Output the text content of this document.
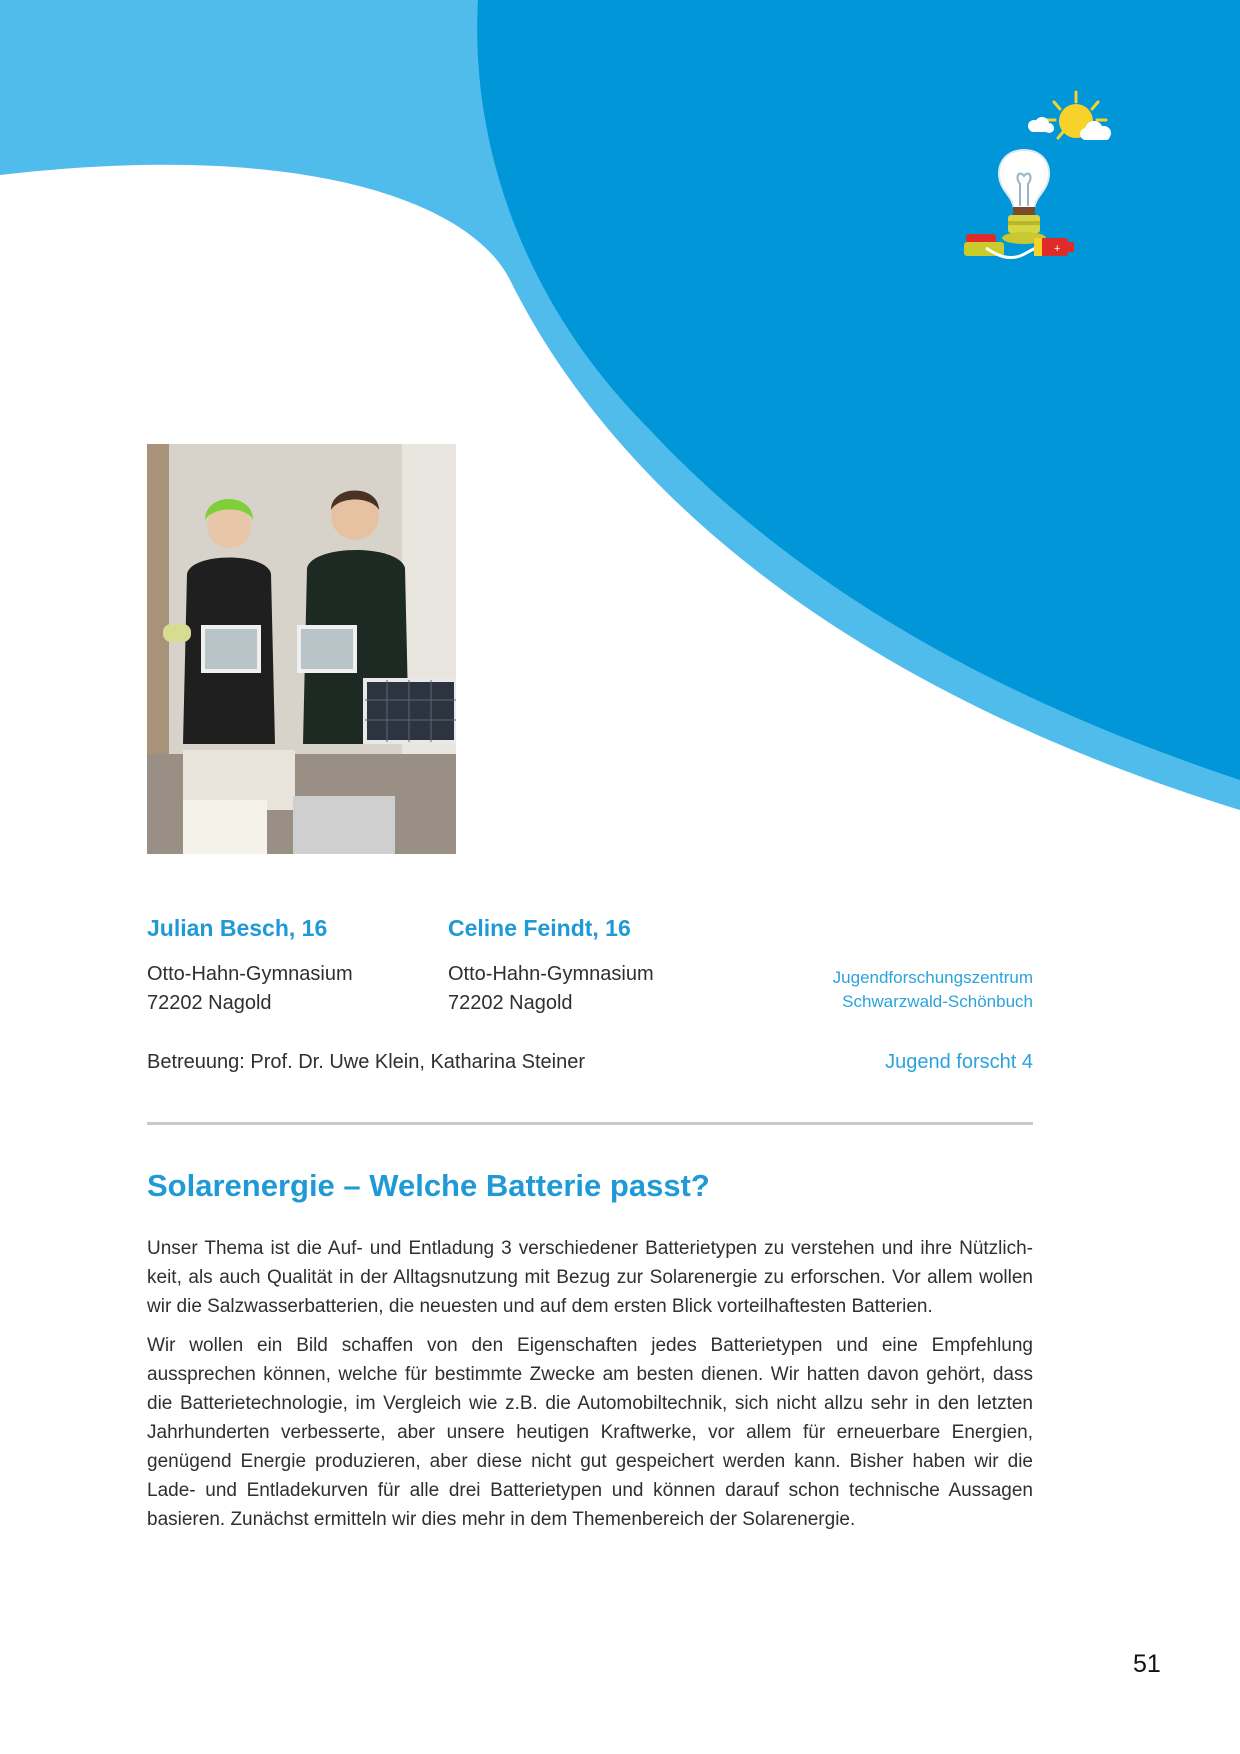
+
Julian Besch, 16
Otto-Hahn-Gymnasium
72202 Nagold
Celine Feindt, 16
Otto-Hahn-Gymnasium
72202 Nagold
Jugendforschungszentrum
Schwarzwald-Schönbuch
Betreuung: Prof. Dr. Uwe Klein, Katharina Steiner	Jugend forscht 4
Solarenergie – Welche Batterie passt?

Unser Thema ist die Auf- und Entladung 3 verschiedener Batterietypen zu verstehen und ihre Nützlich-keit, als auch Qualität in der Alltagsnutzung mit Bezug zur Solarenergie zu erforschen. Vor allem wollen wir die Salzwasserbatterien, die neuesten und auf dem ersten Blick vorteilhaftesten Batterien.

Wir wollen ein Bild schaffen von den Eigenschaften jedes Batterietypen und eine Empfehlung aussprechen können, welche für bestimmte Zwecke am besten dienen. Wir hatten davon gehört, dass die Batterietechnologie, im Vergleich wie z.B. die Automobiltechnik, sich nicht allzu sehr in den letzten Jahrhunderten verbesserte, aber unsere heutigen Kraftwerke, vor allem für erneuerbare Energien, genügend Energie produzieren, aber diese nicht gut gespeichert werden kann. Bisher haben wir die Lade- und Entladekurven für alle drei Batterietypen und können darauf schon technische Aussagen basieren. Zunächst ermitteln wir dies mehr in dem Themenbereich der Solarenergie.

51
